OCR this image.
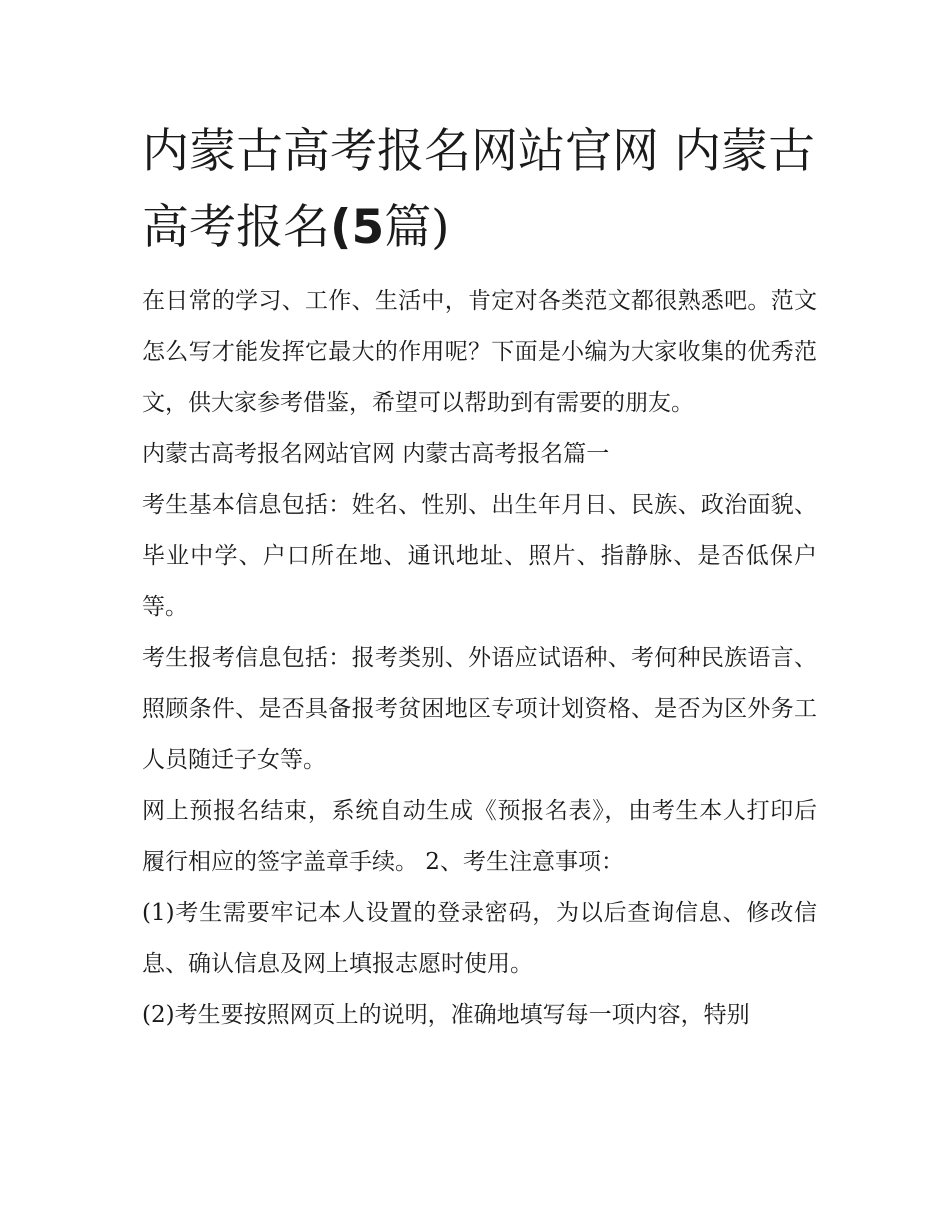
内蒙古高考报名网站官网 内蒙古高考报名(5篇)

在日常的学习、工作、生活中，肯定对各类范文都很熟悉吧。范文怎么写才能发挥它最大的作用呢？下面是小编为大家收集的优秀范文，供大家参考借鉴，希望可以帮助到有需要的朋友。

内蒙古高考报名网站官网 内蒙古高考报名篇一

考生基本信息包括：姓名、性别、出生年月日、民族、政治面貌、毕业中学、户口所在地、通讯地址、照片、指静脉、是否低保户等。

考生报考信息包括：报考类别、外语应试语种、考何种民族语言、照顾条件、是否具备报考贫困地区专项计划资格、是否为区外务工人员随迁子女等。

网上预报名结束，系统自动生成《预报名表》，由考生本人打印后履行相应的签字盖章手续。 2、考生注意事项：

(1)考生需要牢记本人设置的登录密码，为以后查询信息、修改信息、确认信息及网上填报志愿时使用。

(2)考生要按照网页上的说明，准确地填写每一项内容，特别
